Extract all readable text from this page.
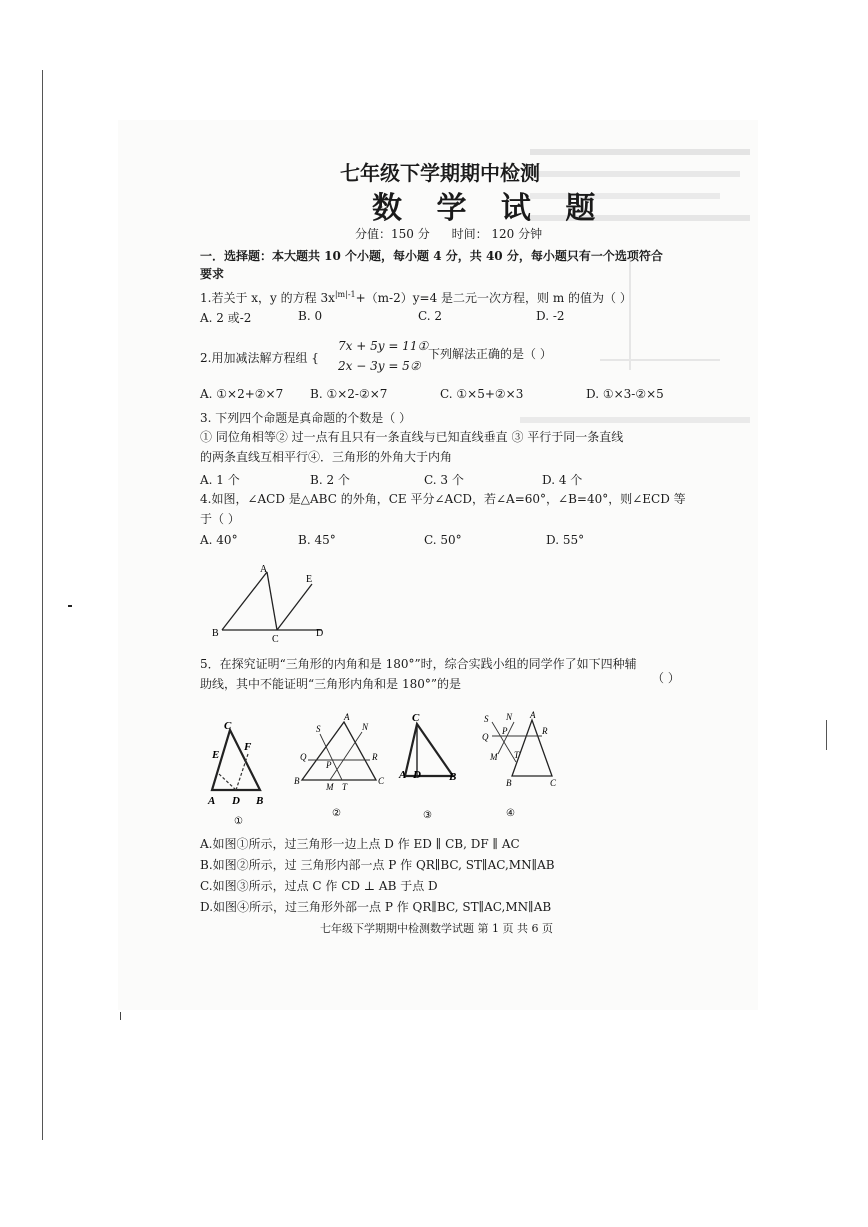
七年级下学期期中检测
数 学 试 题
分值：150 分 时间： 120 分钟
一．选择题：本大题共 10 个小题，每小题 4 分，共 40 分，每小题只有一个选项符合
要求
1.若关于 x，y 的方程 $3x^{|m|-1}+(m-2)y=4$ 是二元一次方程，则 m 的值为（ ）
A. 2 或-2	B. 0	C. 2	D. -2
2.用加减法解方程组 {
7x + 5y = 11①
2x − 3y = 5②
下列解法正确的是（ ）
A. ①×2+②×7 B. ①×2-②×7	C. ①×5+②×3	D. ①×3-②×5
3. 下列四个命题是真命题的个数是（ ）
① 同位角相等② 过一点有且只有一条直线与已知直线垂直 ③ 平行于同一条直线
的两条直线互相平行④．三角形的外角大于内角
A. 1 个	B. 2 个	C. 3 个	D. 4 个
4.如图，∠ACD 是△ABC 的外角，CE 平分∠ACD，若∠A=60°，∠B=40°，则∠ECD 等
于（ ）
A. 40°	B. 45°	C. 50°	D. 55°
A
E
B
C
D
5．在探究证明“三角形的内角和是 180°”时，综合实践小组的同学作了如下四种辅
助线，其中不能证明“三角形内角和是 180°”的是	（ ）
C
E
F
A D B
①
A
S	N
Q
P
R
B
M T
C
②
C
A D	B
③
S N A
Q
P	R
M T
B	C
④
A.如图①所示，过三角形一边上点 D 作 ED ∥ CB, DF ∥ AC
B.如图②所示，过 三角形内部一点 P 作 QR∥BC, ST∥AC,MN∥AB
C.如图③所示，过点 C 作 CD ⊥ AB 于点 D
D.如图④所示，过三角形外部一点 P 作 QR∥BC, ST∥AC,MN∥AB
七年级下学期期中检测数学试题 第 1 页 共 6 页
